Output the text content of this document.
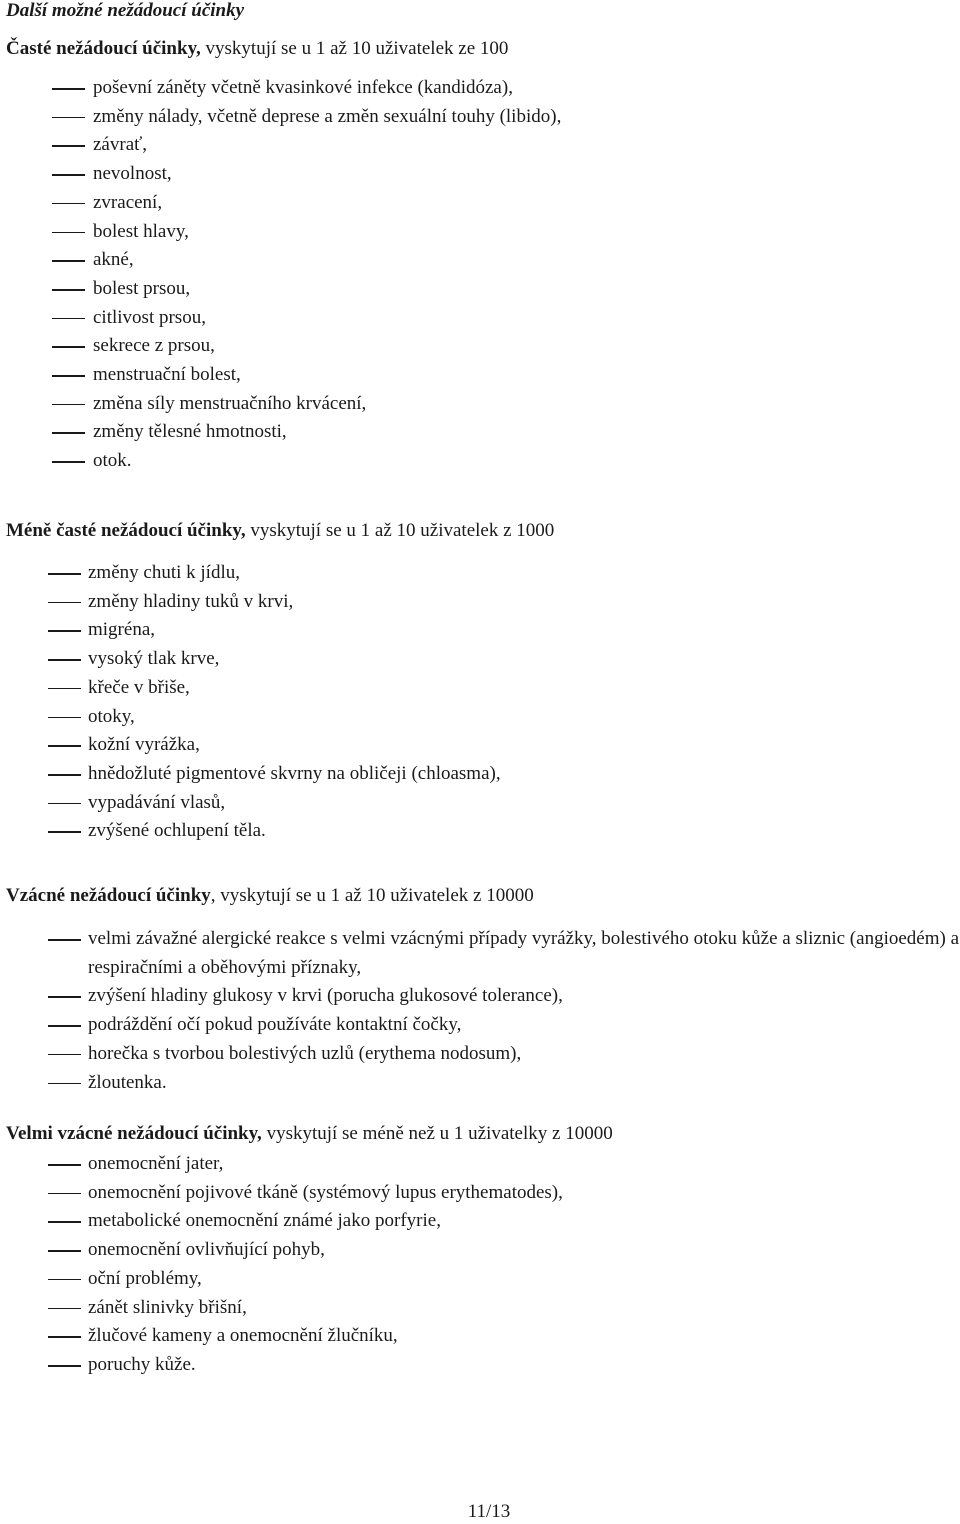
Další možné nežádoucí účinky
Časté nežádoucí účinky, vyskytují se u 1 až 10 uživatelek ze 100
poševní záněty včetně kvasinkové infekce (kandidóza),
změny nálady, včetně deprese a změn sexuální touhy (libido),
závrať,
nevolnost,
zvracení,
bolest hlavy,
akné,
bolest prsou,
citlivost prsou,
sekrece z prsou,
menstruační bolest,
změna síly menstruačního krvácení,
změny tělesné hmotnosti,
otok.
Méně časté nežádoucí účinky, vyskytují se u 1 až 10 uživatelek z 1000
změny chuti k jídlu,
změny hladiny tuků v krvi,
migréna,
vysoký tlak krve,
křeče v břiše,
otoky,
kožní vyrážka,
hnědožluté pigmentové skvrny na obličeji (chloasma),
vypadávání vlasů,
zvýšené ochlupení těla.
Vzácné nežádoucí účinky, vyskytují se u 1 až 10 uživatelek z 10000
velmi závažné alergické reakce s velmi vzácnými případy vyrážky, bolestivého otoku kůže a sliznic (angioedém) a respiračními a oběhovými příznaky,
zvýšení hladiny glukosy v krvi (porucha glukosové tolerance),
podráždění očí pokud používáte kontaktní čočky,
horečka s tvorbou bolestivých uzlů (erythema nodosum),
žloutenka.
Velmi vzácné nežádoucí účinky, vyskytují se méně než u 1 uživatelky z 10000
onemocnění jater,
onemocnění pojivové tkáně (systémový lupus erythematodes),
metabolické onemocnění známé jako porfyrie,
onemocnění ovlivňující pohyb,
oční problémy,
zánět slinivky břišní,
žlučové kameny a onemocnění žlučníku,
poruchy kůže.
11/13
